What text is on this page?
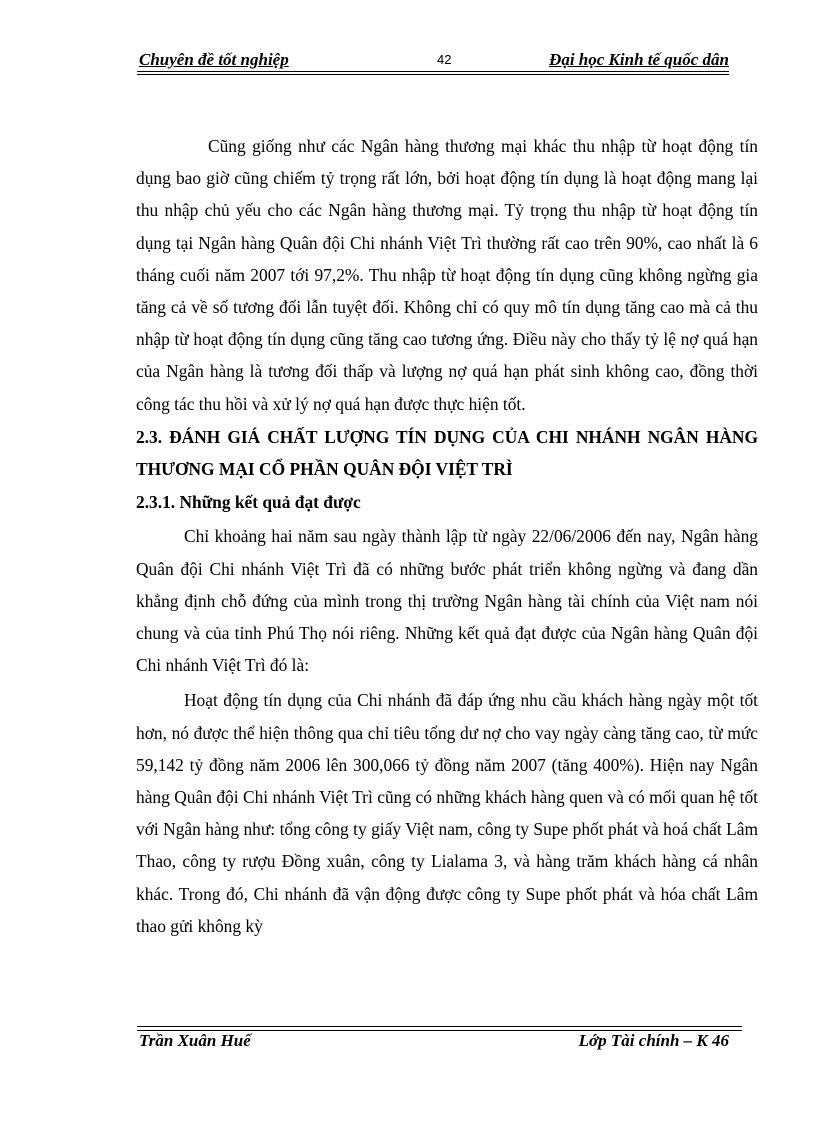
Chuyên đề tốt nghiệp	42	Đại học Kinh tế quốc dân

Cũng giống như các Ngân hàng thương mại khác thu nhập từ hoạt động tín dụng bao giờ cũng chiếm tỷ trọng rất lớn, bởi hoạt động tín dụng là hoạt động mang lại thu nhập chủ yếu cho các Ngân hàng thương mại. Tỷ trọng thu nhập từ hoạt động tín dụng tại Ngân hàng Quân đội Chi nhánh Việt Trì thường rất cao trên 90%, cao nhất là 6 tháng cuối năm 2007 tới 97,2%. Thu nhập từ hoạt động tín dụng cũng không ngừng gia tăng cả về số tương đối lẫn tuyệt đối. Không chỉ có quy mô tín dụng tăng cao mà cả thu nhập từ hoạt động tín dụng cũng tăng cao tương ứng. Điều này cho thấy tỷ lệ nợ quá hạn của Ngân hàng là tương đối thấp và lượng nợ quá hạn phát sinh không cao, đồng thời công tác thu hồi và xử lý nợ quá hạn được thực hiện tốt.

2.3. ĐÁNH GIÁ CHẤT LƯỢNG TÍN DỤNG CỦA CHI NHÁNH NGÂN HÀNG THƯƠNG MẠI CỔ PHẦN QUÂN ĐỘI VIỆT TRÌ

2.3.1. Những kết quả đạt được

Chỉ khoảng hai năm sau ngày thành lập từ ngày 22/06/2006 đến nay, Ngân hàng Quân đội Chi nhánh Việt Trì đã có những bước phát triển không ngừng và đang dần khẳng định chỗ đứng của mình trong thị trường Ngân hàng tài chính của Việt nam nói chung và của tỉnh Phú Thọ nói riêng. Những kết quả đạt được của Ngân hàng Quân đội Chi nhánh Việt Trì đó là:

Hoạt động tín dụng của Chi nhánh đã đáp ứng nhu cầu khách hàng ngày một tốt hơn, nó được thể hiện thông qua chỉ tiêu tổng dư nợ cho vay ngày càng tăng cao, từ mức 59,142 tỷ đồng năm 2006 lên 300,066 tỷ đồng năm 2007 (tăng 400%). Hiện nay Ngân hàng Quân đội Chi nhánh Việt Trì cũng có những khách hàng quen và có mối quan hệ tốt với Ngân hàng như: tổng công ty giấy Việt nam, công ty Supe phốt phát và hoá chất Lâm Thao, công ty rượu Đồng xuân, công ty Lialama 3, và hàng trăm khách hàng cá nhân khác. Trong đó, Chi nhánh đã vận động được công ty Supe phốt phát và hóa chất Lâm thao gửi không kỳ

Trần Xuân Huế	Lớp Tài chính – K 46
